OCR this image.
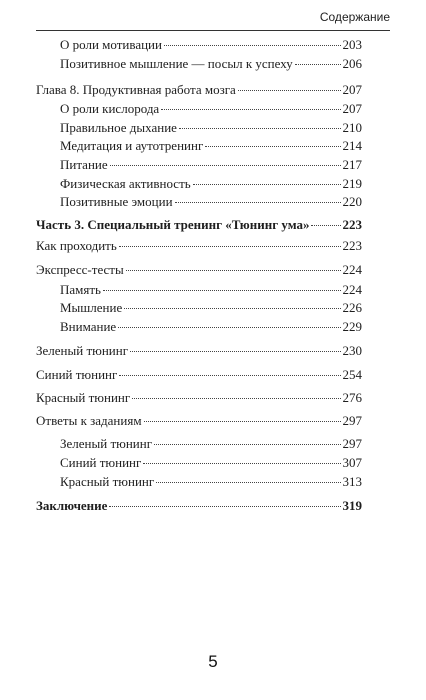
Содержание
О роли мотивации	203
Позитивное мышление — посыл к успеху	206
Глава 8. Продуктивная работа мозга	207
О роли кислорода	207
Правильное дыхание	210
Медитация и аутотренинг	214
Питание	217
Физическая активность	219
Позитивные эмоции	220
Часть 3. Специальный тренинг «Тюнинг ума»	223
Как проходить	223
Экспресс-тесты	224
Память	224
Мышление	226
Внимание	229
Зеленый тюнинг	230
Синий тюнинг	254
Красный тюнинг	276
Ответы к заданиям	297
Зеленый тюнинг	297
Синий тюнинг	307
Красный тюнинг	313
Заключение	319
5
